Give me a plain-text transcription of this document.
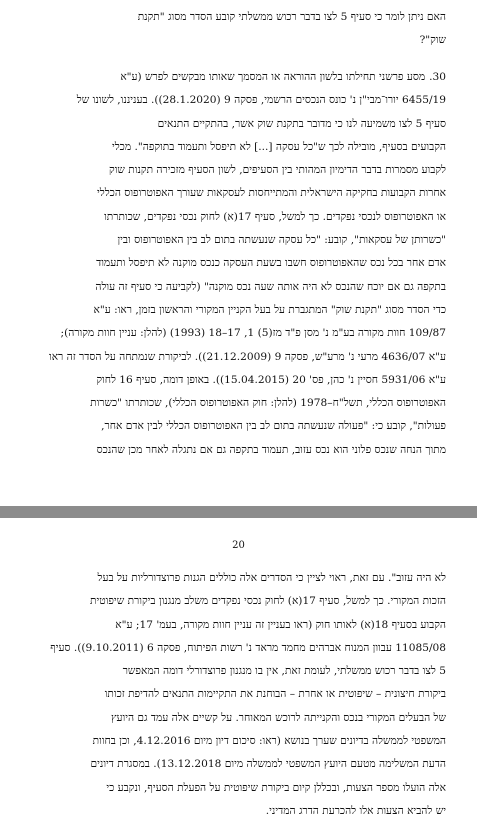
האם ניתן לומר כי סעיף 5 לצו בדבר רכוש ממשלתי קובע הסדר מסוג "תקנת
שוק"?
30.מסע פרשני תחילתו בלשון ההוראה או המסמך שאותו מבקשים לפרש (ע"א
6455/19 יורו־מבי"ן נ' כונס הנכסים הרשמי, פסקה 9 (28.1.2020)). בעניננו, לשונו של
סעיף 5 לצו משמיעה לנו כי מדובר בתקנת שוק אשר, בהתקיים התנאים
הקבועים בסעיף, מובילה לכך ש"כל עסקה [...] לא תיפסל ותעמוד בתוקפה". מכלי
לקבוע מסמרות בדבר הדימיון המהותי בין הסעיפים, לשון הסעיף מזכירה תקנות שוק
אחרות הקבועות בחקיקה הישראלית והמתייחסות לעסקאות שעורך האפוטרופוס הכללי
או האפוטרופוס לנכסי נפקדים. כך למשל, סעיף 17(א) לחוק נכסי נפקדים, שכותרתו
"כשרותן של עסקאות", קובע: "כל עסקה שנעשתה בתום לב בין האפוטרופוס ובין
אדם אחר בכל נכס שהאפוטרופוס חשבו בשעת העסקה כנכס מוקנה לא תיפסל ותעמוד
בתקפה גם אם יוכח שהנכס לא היה אותה שעה נכס מוקנה" (לקביעה כי סעיף זה עולה
כדי הסדר מסוג "תקנת שוק" המתגברת על בעל הקניין המקורי והראשון בזמן, ראו: ע"א
109/87 חוות מקורה בע"מ נ' מסן פ"ד מז(5) 1, 17–18 (1993) (להלן: עניין חוות מקורה);
ע"א 4636/07 מרעי נ' מרע"ש, פסקה 9 (21.12.2009)). לביקורת שנמתחה על הסדר זה ראו
ע"א 5931/06 חסיין נ' כהן, פס' 20 (15.04.2015)). באופן דומה, סעיף 16 לחוק
האפוטרופוס הכללי, תשל"ח–1978 (להלן: חוק האפוטרופוס הכללי), שכותרתו "כשרות
פעולות", קובע כי: "פעולה שנעשתה בתום לב בין האפוטרופוס הכללי לבין אדם אחר,
מתוך הנחה שנכס פלוני הוא נכס עזוב, תעמוד בתקפה גם אם נתגלה לאחר מכן שהנכס
20
לא היה עזוב". עם זאת, ראוי לציין כי הסדרים אלה כוללים הגנות פרוצדורליות על בעל
הזכות המקורי. כך למשל, סעיף 17(א) לחוק נכסי נפקדים משלב מנגנון ביקורת שיפוטית
הקבוע בסעיף 18(א) לאותו חוק (ראו בעניין זה עניין חוות מקורה, בעמ' 17; ע"א
11085/08 עבוון המנוח אברהים מחמד מראד נ' רשות הפיתוח, פסקה 6 (9.10.2011)). סעיף
5 לצו בדבר רכוש ממשלתי, לעומת זאת, אין בו מנגנון פרוצדורלי דומה המאפשר
ביקורת חיצונית – שיפוטית או אחרת – הבוחנת את התקיימות התנאים להדיפת זכותו
של הבעלים המקורי בנכס והקנייתה לרוכש המאוחר. על קשיים אלה עמד גם היועץ
המשפטי לממשלה בדיונים שערך בנושא (ראו: סיכום דיון מיום 4.12.2016, וכן בחוות
הדעת המשלימה מטעם היועץ המשפטי לממשלה מיום 13.12.2018). במסגרת דיונים
אלה הועלו מספר הצעות, ובכללן קיום ביקורת שיפוטית על הפעלת הסעיף, ונקבע כי
יש להביא הצעות אלו להכרעת הדרג המדיני.
